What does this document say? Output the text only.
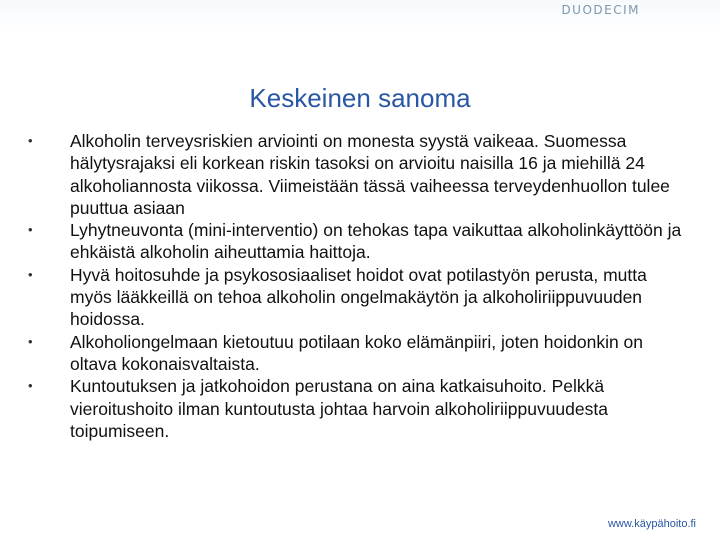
DUODECIM
Keskeinen sanoma
•	Alkoholin terveysriskien arviointi on monesta syystä vaikeaa. Suomessa hälytysrajaksi eli korkean riskin tasoksi on arvioitu naisilla 16 ja miehillä 24 alkoholiannosta viikossa. Viimeistään tässä vaiheessa terveydenhuollon tulee puuttua asiaan
•	Lyhytneuvonta (mini-interventio) on tehokas tapa vaikuttaa alkoholinkäyttöön ja ehkäistä alkoholin aiheuttamia haittoja.
•	Hyvä hoitosuhde ja psykososiaaliset hoidot ovat potilastyön perusta, mutta myös lääkkeillä on tehoa alkoholin ongelmakäytön ja alkoholiriippuvuuden hoidossa.
•	Alkoholiongelmaan kietoutuu potilaan koko elämänpiiri, joten hoidonkin on oltava kokonaisvaltaista.
•	Kuntoutuksen ja jatkohoidon perustana on aina katkaisuhoito. Pelkkä vieroitushoito ilman kuntoutusta johtaa harvoin alkoholiriippuvuudesta toipumiseen.
www.käypähoito.fi
